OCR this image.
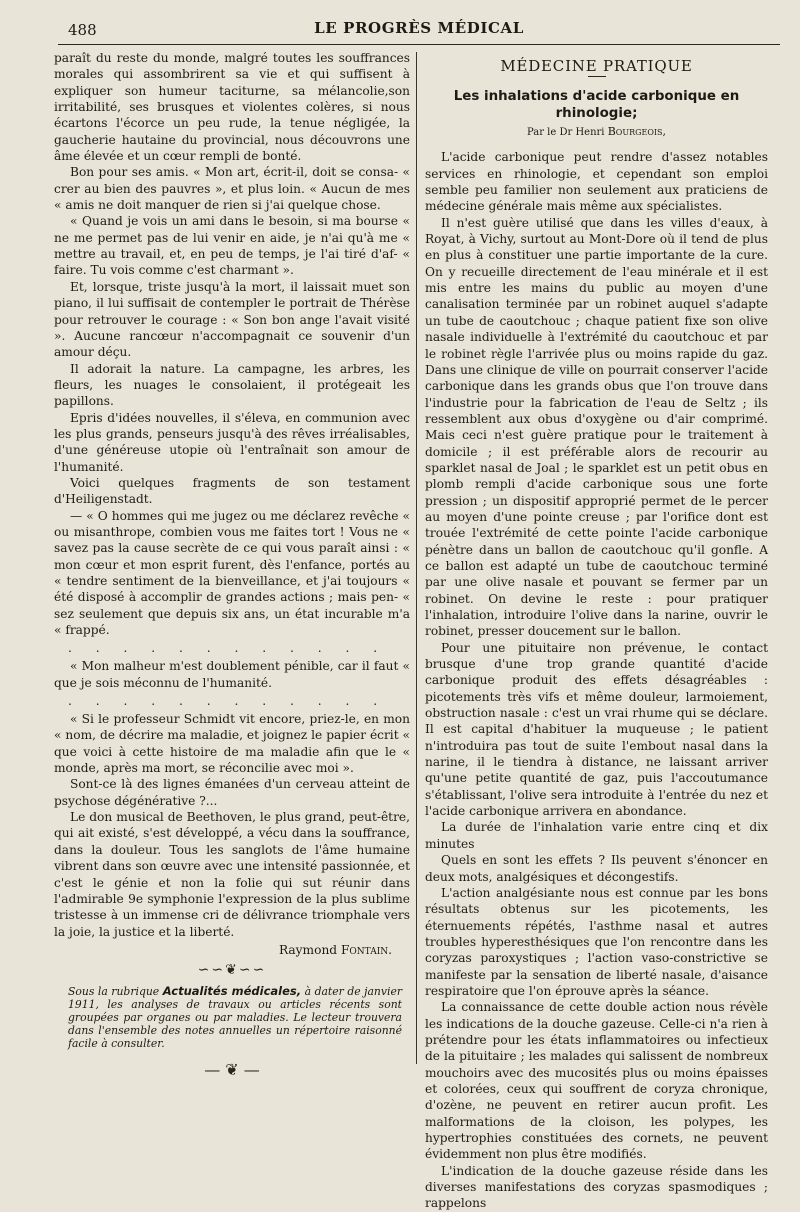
488	LE PROGRÈS MÉDICAL

paraît du reste du monde, malgré toutes les souffrances morales qui assombrirent sa vie et qui suffisent à expliquer son humeur taciturne, sa mélancolie,son irritabilité, ses brusques et violentes colères, si nous écartons l'écorce un peu rude, la tenue négligée, la gaucherie hautaine du provincial, nous découvrons une âme élevée et un cœur rempli de bonté.

Bon pour ses amis. « Mon art, écrit-il, doit se consa- « crer au bien des pauvres », et plus loin. « Aucun de mes « amis ne doit manquer de rien si j'ai quelque chose.

« Quand je vois un ami dans le besoin, si ma bourse « ne me permet pas de lui venir en aide, je n'ai qu'à me « mettre au travail, et, en peu de temps, je l'ai tiré d'af- « faire. Tu vois comme c'est charmant ».

Et, lorsque, triste jusqu'à la mort, il laissait muet son piano, il lui suffisait de contempler le portrait de Thérèse pour retrouver le courage : « Son bon ange l'avait visité ». Aucune rancœur n'accompagnait ce souvenir d'un amour déçu.

Il adorait la nature. La campagne, les arbres, les fleurs, les nuages le consolaient, il protégeait les papillons.

Epris d'idées nouvelles, il s'éleva, en communion avec les plus grands, penseurs jusqu'à des rêves irréalisables, d'une généreuse utopie où l'entraînait son amour de l'humanité.

Voici quelques fragments de son testament d'Heiligenstadt.

— « O hommes qui me jugez ou me déclarez revêche « ou misanthrope, combien vous me faites tort ! Vous ne « savez pas la cause secrète de ce qui vous paraît ainsi : « mon cœur et mon esprit furent, dès l'enfance, portés au « tendre sentiment de la bienveillance, et j'ai toujours « été disposé à accomplir de grandes actions ; mais pen- « sez seulement que depuis six ans, un état incurable m'a « frappé.

. . . . . . . . . . . .

« Mon malheur m'est doublement pénible, car il faut « que je sois méconnu de l'humanité.

. . . . . . . . . . . .

« Si le professeur Schmidt vit encore, priez-le, en mon « nom, de décrire ma maladie, et joignez le papier écrit « que voici à cette histoire de ma maladie afin que le « monde, après ma mort, se réconcilie avec moi ».

Sont-ce là des lignes émanées d'un cerveau atteint de psychose dégénérative ?...

Le don musical de Beethoven, le plus grand, peut-être, qui ait existé, s'est développé, a vécu dans la souffrance, dans la douleur. Tous les sanglots de l'âme humaine vibrent dans son œuvre avec une intensité passionnée, et c'est le génie et non la folie qui sut réunir dans l'admirable 9e symphonie l'expression de la plus sublime tristesse à un immense cri de délivrance triomphale vers la joie, la justice et la liberté.

Raymond Fontain.
∽∽❦∽∽
Sous la rubrique Actualités médicales, à dater de janvier 1911, les analyses de travaux ou articles récents sont groupées par organes ou par maladies. Le lecteur trouvera dans l'ensemble des notes annuelles un répertoire raisonné facile à consulter.
— ❦ —
MÉDECINE PRATIQUE
Les inhalations d'acide carbonique en rhinologie;
Par le Dr Henri Bourgeois,

L'acide carbonique peut rendre d'assez notables services en rhinologie, et cependant son emploi semble peu familier non seulement aux praticiens de médecine générale mais même aux spécialistes.

Il n'est guère utilisé que dans les villes d'eaux, à Royat, à Vichy, surtout au Mont-Dore où il tend de plus en plus à constituer une partie importante de la cure. On y recueille directement de l'eau minérale et il est mis entre les mains du public au moyen d'une canalisation terminée par un robinet auquel s'adapte un tube de caoutchouc ; chaque patient fixe son olive nasale individuelle à l'extrémité du caoutchouc et par le robinet règle l'arrivée plus ou moins rapide du gaz. Dans une clinique de ville on pourrait conserver l'acide carbonique dans les grands obus que l'on trouve dans l'industrie pour la fabrication de l'eau de Seltz ; ils ressemblent aux obus d'oxygène ou d'air comprimé. Mais ceci n'est guère pratique pour le traitement à domicile ; il est préférable alors de recourir au sparklet nasal de Joal ; le sparklet est un petit obus en plomb rempli d'acide carbonique sous une forte pression ; un dispositif approprié permet de le percer au moyen d'une pointe creuse ; par l'orifice dont est trouée l'extrémité de cette pointe l'acide carbonique pénètre dans un ballon de caoutchouc qu'il gonfle. A ce ballon est adapté un tube de caoutchouc terminé par une olive nasale et pouvant se fermer par un robinet. On devine le reste : pour pratiquer l'inhalation, introduire l'olive dans la narine, ouvrir le robinet, presser doucement sur le ballon.

Pour une pituitaire non prévenue, le contact brusque d'une trop grande quantité d'acide carbonique produit des effets désagréables : picotements très vifs et même douleur, larmoiement, obstruction nasale : c'est un vrai rhume qui se déclare. Il est capital d'habituer la muqueuse ; le patient n'introduira pas tout de suite l'embout nasal dans la narine, il le tiendra à distance, ne laissant arriver qu'une petite quantité de gaz, puis l'accoutumance s'établissant, l'olive sera introduite à l'entrée du nez et l'acide carbonique arrivera en abondance.

La durée de l'inhalation varie entre cinq et dix minutes

Quels en sont les effets ? Ils peuvent s'énoncer en deux mots, analgésiques et décongestifs.

L'action analgésiante nous est connue par les bons résultats obtenus sur les picotements, les éternuements répétés, l'asthme nasal et autres troubles hyperesthésiques que l'on rencontre dans les coryzas paroxystiques ; l'action vaso-constrictive se manifeste par la sensation de liberté nasale, d'aisance respiratoire que l'on éprouve après la séance.

La connaissance de cette double action nous révèle les indications de la douche gazeuse. Celle-ci n'a rien à prétendre pour les états inflammatoires ou infectieux de la pituitaire ; les malades qui salissent de nombreux mouchoirs avec des mucosités plus ou moins épaisses et colorées, ceux qui souffrent de coryza chronique, d'ozène, ne peuvent en retirer aucun profit. Les malformations de la cloison, les polypes, les hypertrophies constituées des cornets, ne peuvent évidemment non plus être modifiés.

L'indication de la douche gazeuse réside dans les diverses manifestations des coryzas spasmodiques ; rappelons
